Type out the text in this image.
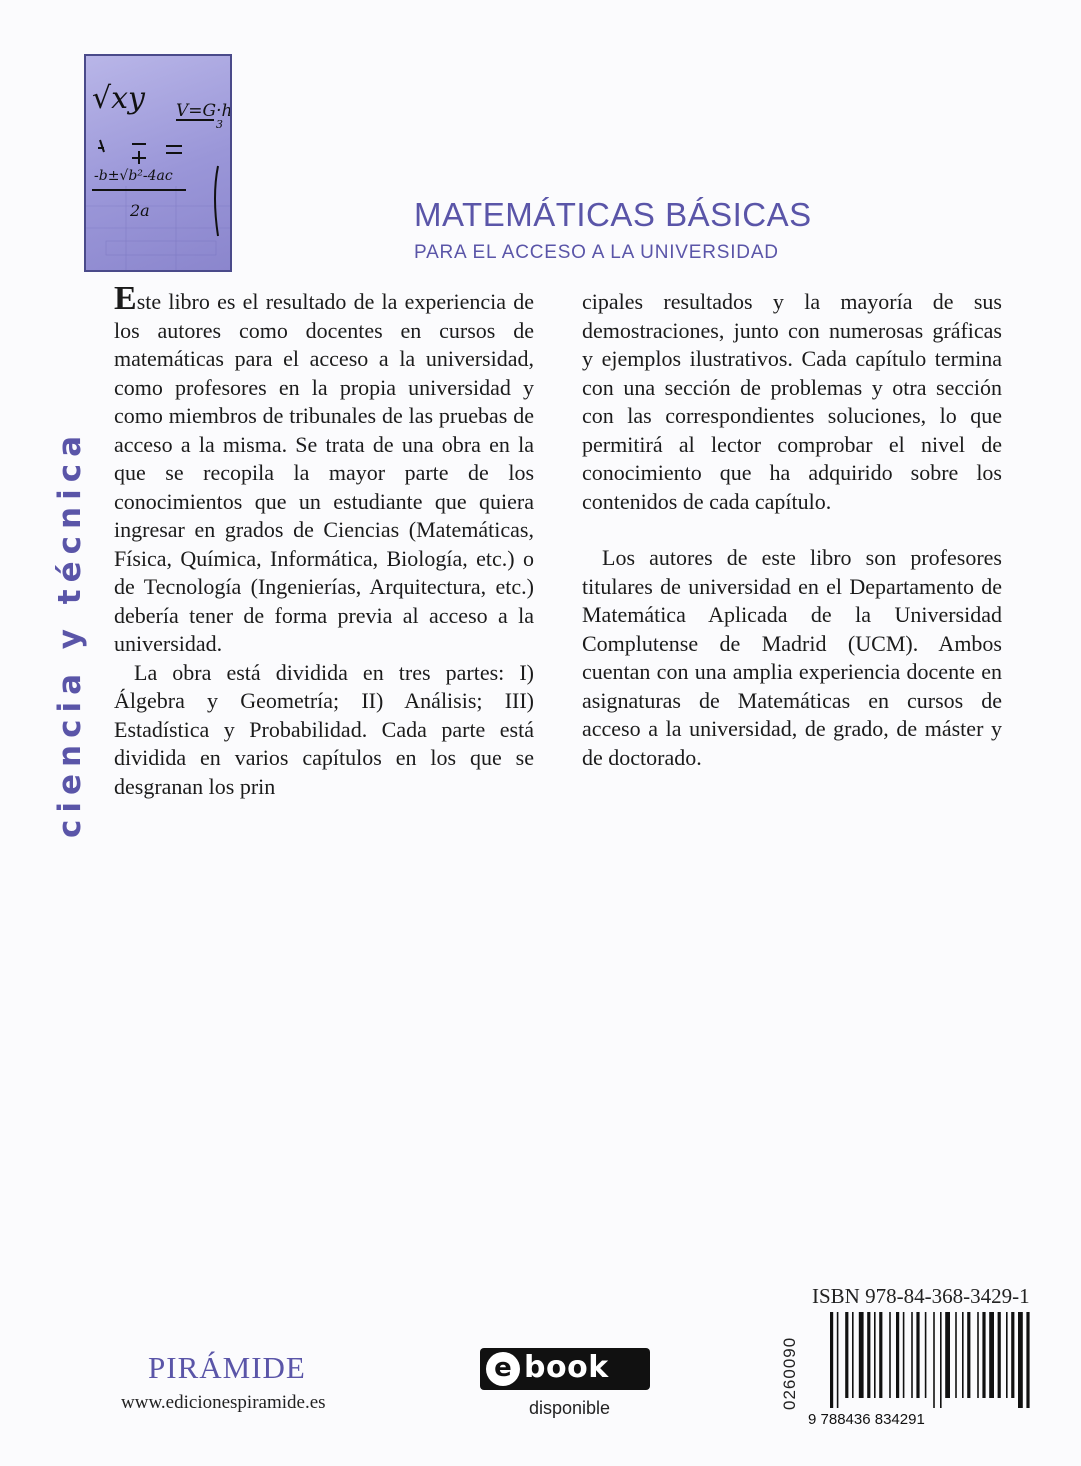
√xy V=G·h
3
-b±√b²-4ac
2a	MATEMÁTICAS BÁSICAS
PARA EL ACCESO A LA UNIVERSIDAD
ciencia y técnica

Este libro es el resultado de la experiencia de los autores como docentes en cursos de matemáticas para el acceso a la universidad, como profesores en la propia universidad y como miembros de tribunales de las pruebas de acceso a la misma. Se trata de una obra en la que se recopila la mayor parte de los conocimientos que un estudiante que quiera ingresar en grados de Ciencias (Matemáticas, Física, Química, Informática, Biología, etc.) o de Tecnología (Ingenierías, Arquitectura, etc.) debería tener de forma previa al acceso a la universidad.

La obra está dividida en tres partes: I) Álgebra y Geometría; II) Análisis; III) Estadística y Probabilidad. Cada parte está dividida en varios capítulos en los que se desgranan los prin

cipales resultados y la mayoría de sus demostraciones, junto con numerosas gráficas y ejemplos ilustrativos. Cada capítulo termina con una sección de problemas y otra sección con las correspondientes soluciones, lo que permitirá al lector comprobar el nivel de conocimiento que ha adquirido sobre los contenidos de cada capítulo.

Los autores de este libro son profesores titulares de universidad en el Departamento de Matemática Aplicada de la Universidad Complutense de Madrid (UCM). Ambos cuentan con una amplia experiencia docente en asignaturas de Matemáticas en cursos de acceso a la universidad, de grado, de máster y de doctorado.

PIRÁMIDE
www.edicionespiramide.es
e book
disponible
ISBN 978-84-368-3429-1
0260090
9 788436 834291
